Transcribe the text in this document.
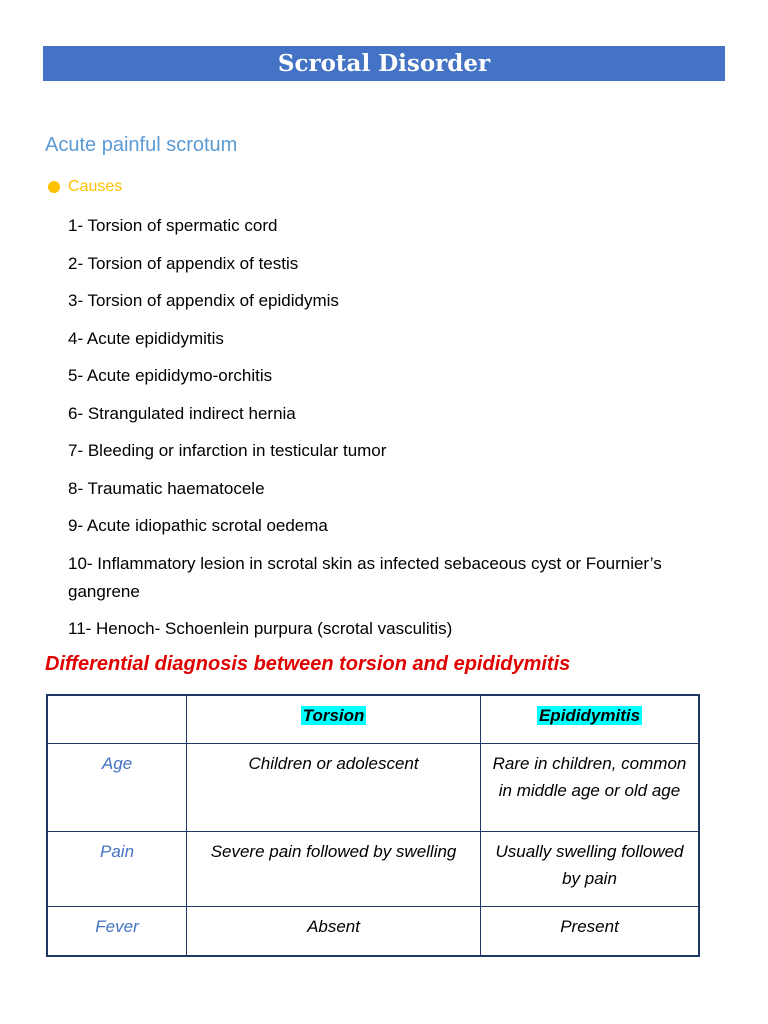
Scrotal Disorder
Acute painful scrotum
Causes
1- Torsion of spermatic cord
2- Torsion of appendix of testis
3- Torsion of appendix of epididymis
4- Acute epididymitis
5- Acute epididymo-orchitis
6- Strangulated indirect hernia
7- Bleeding or infarction in testicular tumor
8- Traumatic haematocele
9- Acute idiopathic scrotal oedema
10- Inflammatory lesion in scrotal skin as infected sebaceous cyst or Fournier’s gangrene
11- Henoch- Schoenlein purpura (scrotal vasculitis)
Differential diagnosis between torsion and epididymitis
	Torsion	Epididymitis
Age	Children or adolescent	Rare in children, common in middle age or old age
Pain	Severe pain followed by swelling	Usually swelling followed by pain
Fever	Absent	Present
